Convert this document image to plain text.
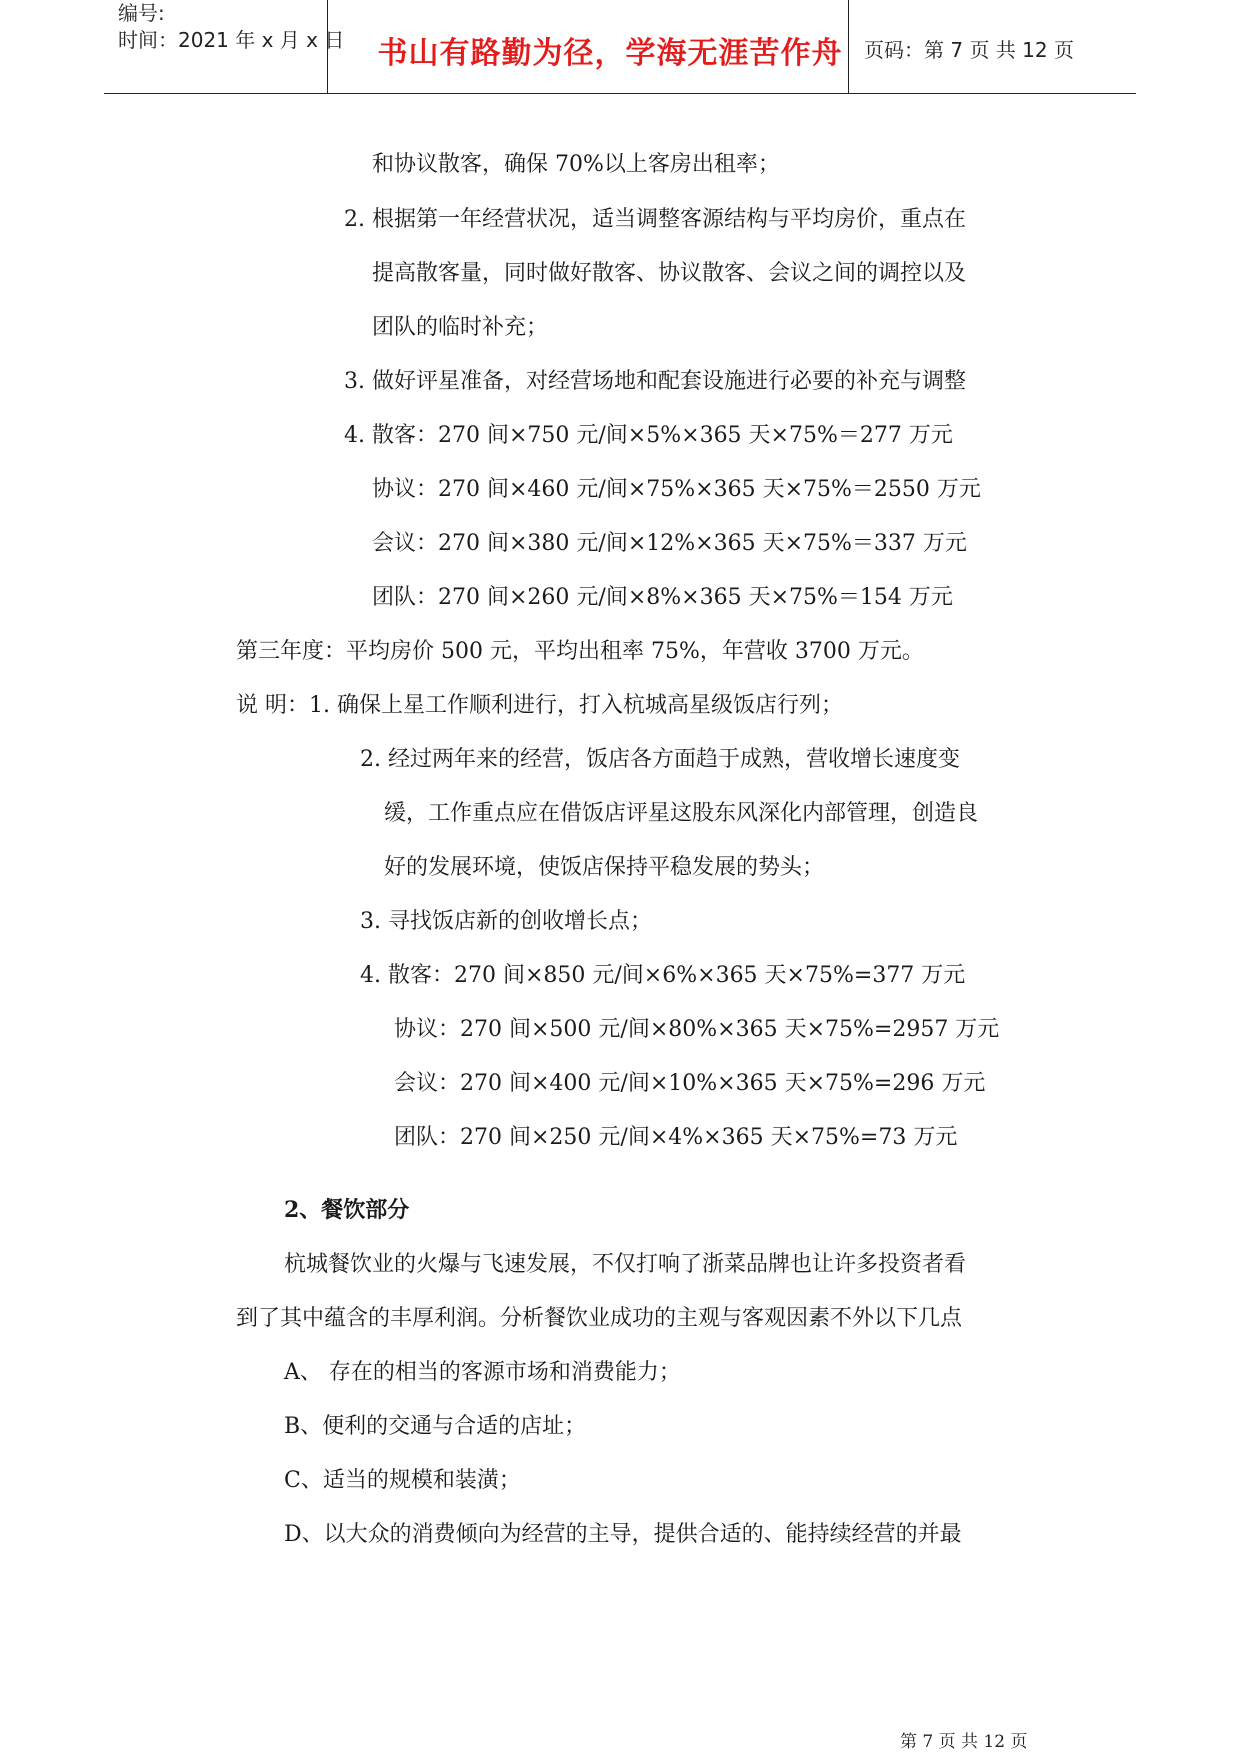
编号:
时间：2021 年 x 月 x 日	书山有路勤为径，学海无涯苦作舟	页码：第 7 页 共 12 页
和协议散客，确保 70%以上客房出租率；
2. 根据第一年经营状况，适当调整客源结构与平均房价，重点在
提高散客量，同时做好散客、协议散客、会议之间的调控以及
团队的临时补充；
3. 做好评星准备，对经营场地和配套设施进行必要的补充与调整
4. 散客：270 间×750 元/间×5%×365 天×75%＝277 万元
协议：270 间×460 元/间×75%×365 天×75%＝2550 万元
会议：270 间×380 元/间×12%×365 天×75%＝337 万元
团队：270 间×260 元/间×8%×365 天×75%＝154 万元
第三年度：平均房价 500 元，平均出租率 75%，年营收 3700 万元。
说 明：1. 确保上星工作顺利进行，打入杭城高星级饭店行列；
2. 经过两年来的经营，饭店各方面趋于成熟，营收增长速度变
缓，工作重点应在借饭店评星这股东风深化内部管理，创造良
好的发展环境，使饭店保持平稳发展的势头；
3. 寻找饭店新的创收增长点；
4. 散客：270 间×850 元/间×6%×365 天×75%=377 万元
协议：270 间×500 元/间×80%×365 天×75%=2957 万元
会议：270 间×400 元/间×10%×365 天×75%=296 万元
团队：270 间×250 元/间×4%×365 天×75%=73 万元
2、餐饮部分
杭城餐饮业的火爆与飞速发展，不仅打响了浙菜品牌也让许多投资者看
到了其中蕴含的丰厚利润。分析餐饮业成功的主观与客观因素不外以下几点
A、 存在的相当的客源市场和消费能力；
B、便利的交通与合适的店址；
C、适当的规模和装潢；
D、以大众的消费倾向为经营的主导，提供合适的、能持续经营的并最
第 7 页 共 12 页
